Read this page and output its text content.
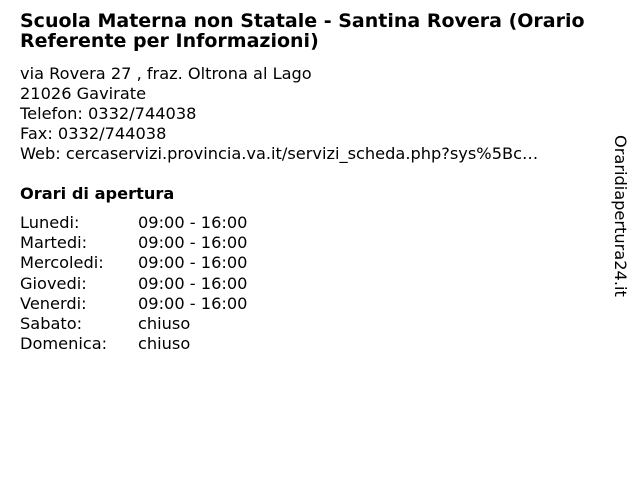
Scuola Materna non Statale - Santina Rovera (Orario Referente per Informazioni)
via Rovera 27 , fraz. Oltrona al Lago
21026 Gavirate
Telefon: 0332/744038
Fax: 0332/744038
Web: cercaservizi.provincia.va.it/servizi_scheda.php?sys%5Bc…
Orari di apertura
Lunedi:	09:00 - 16:00
Martedi:	09:00 - 16:00
Mercoledi: 09:00 - 16:00
Giovedi:	09:00 - 16:00
Venerdi:	09:00 - 16:00
Sabato:	chiuso
Domenica: chiuso
Oraridiapertura24.it
